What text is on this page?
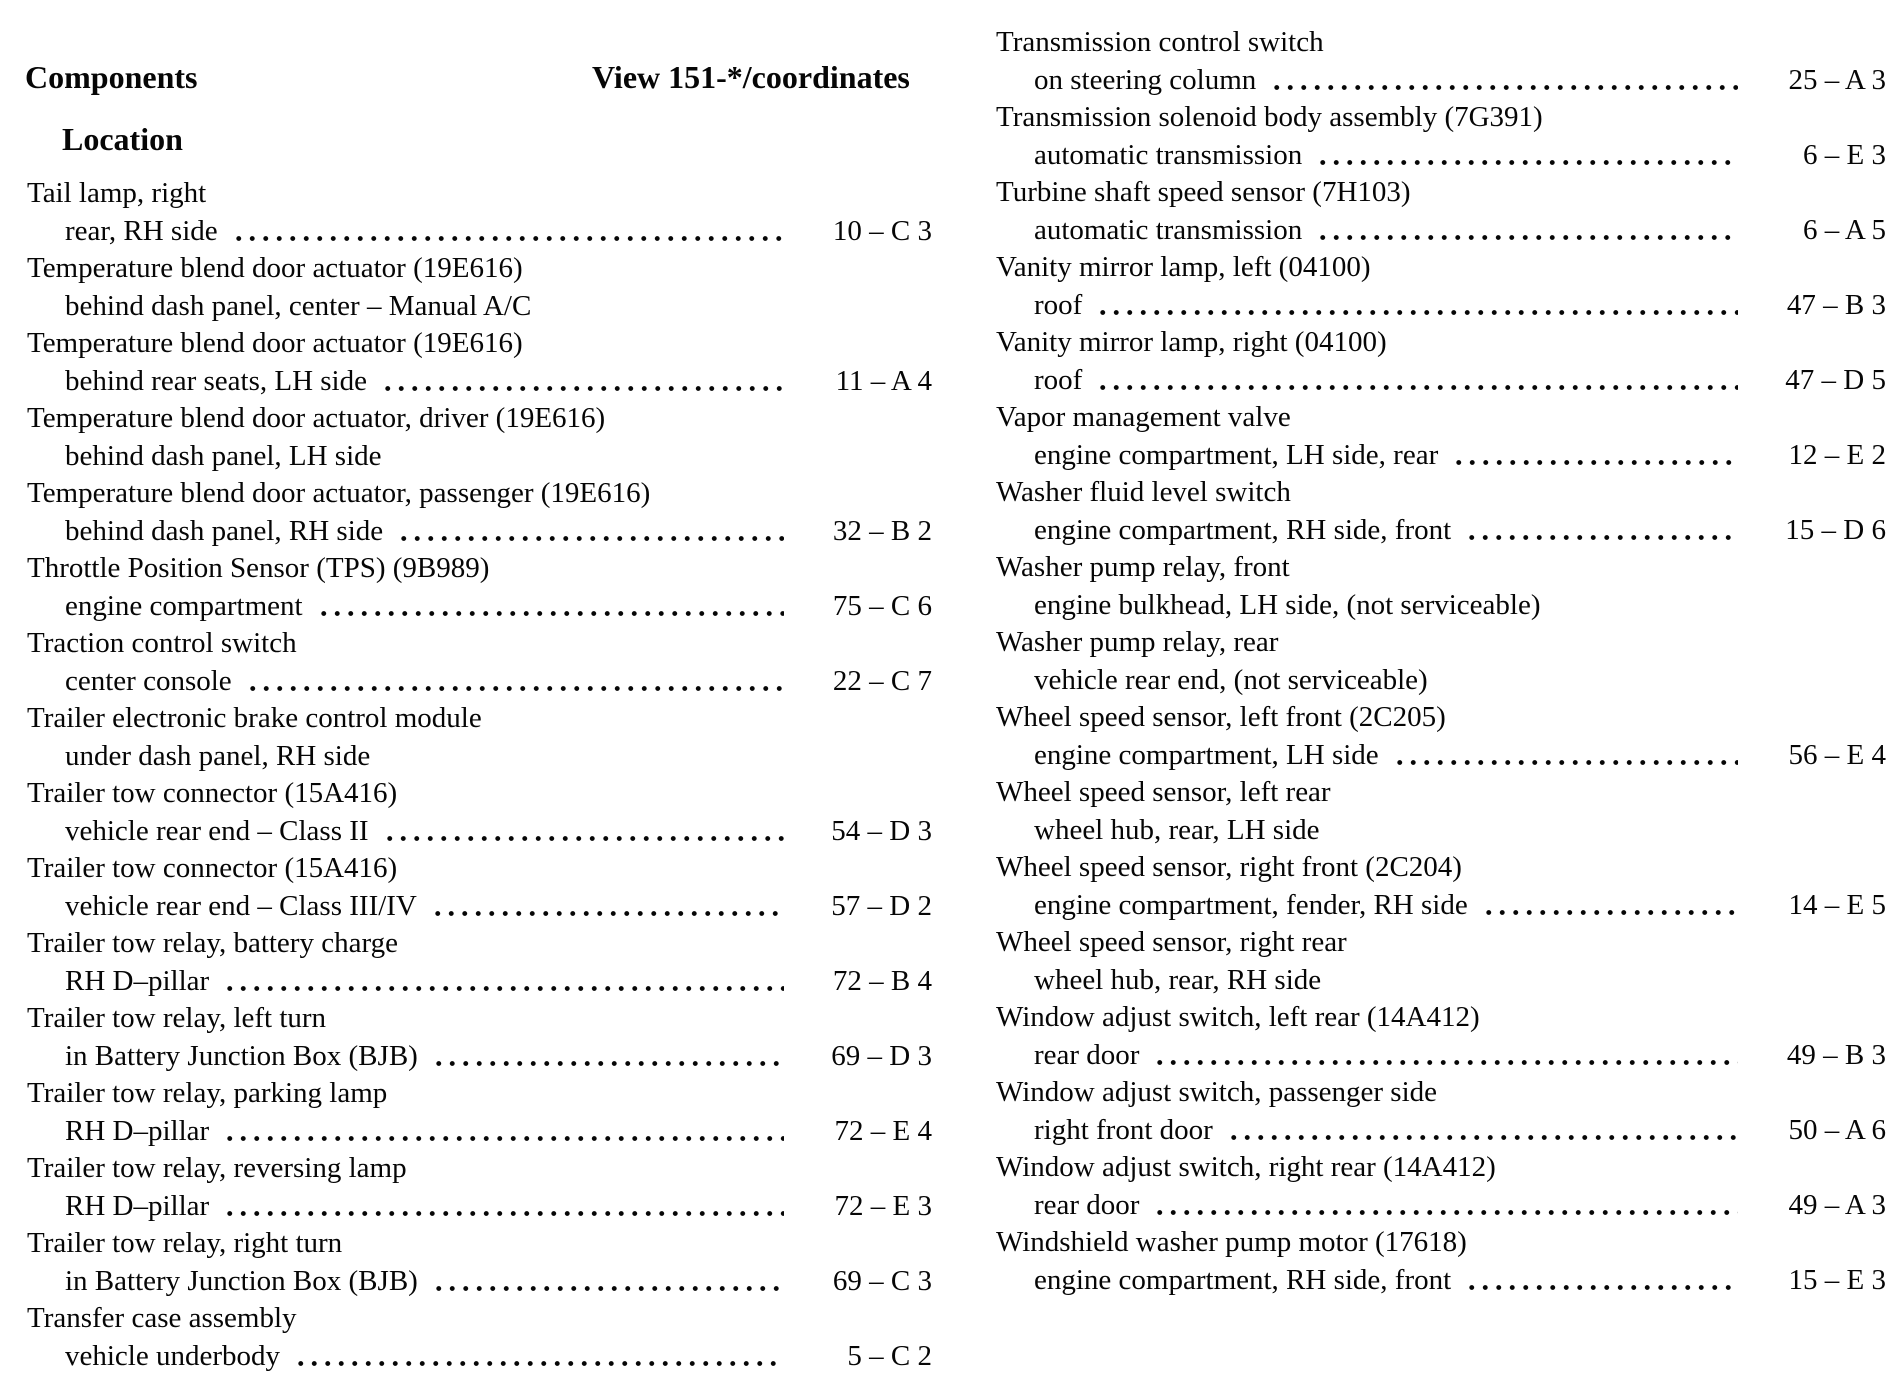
Components
Location
View 151-*/coordinates
Tail lamp, right
rear, RH side	10 – C 3
Temperature blend door actuator (19E616)
behind dash panel, center – Manual A/C
Temperature blend door actuator (19E616)
behind rear seats, LH side	11 – A 4
Temperature blend door actuator, driver (19E616)
behind dash panel, LH side
Temperature blend door actuator, passenger (19E616)
behind dash panel, RH side	32 – B 2
Throttle Position Sensor (TPS) (9B989)
engine compartment	75 – C 6
Traction control switch
center console	22 – C 7
Trailer electronic brake control module
under dash panel, RH side
Trailer tow connector (15A416)
vehicle rear end – Class II	54 – D 3
Trailer tow connector (15A416)
vehicle rear end – Class III/IV	57 – D 2
Trailer tow relay, battery charge
RH D–pillar	72 – B 4
Trailer tow relay, left turn
in Battery Junction Box (BJB)	69 – D 3
Trailer tow relay, parking lamp
RH D–pillar	72 – E 4
Trailer tow relay, reversing lamp
RH D–pillar	72 – E 3
Trailer tow relay, right turn
in Battery Junction Box (BJB)	69 – C 3
Transfer case assembly
vehicle underbody	5 – C 2
Transmission control switch
on steering column	25 – A 3
Transmission solenoid body assembly (7G391)
automatic transmission	6 – E 3
Turbine shaft speed sensor (7H103)
automatic transmission	6 – A 5
Vanity mirror lamp, left (04100)
roof	47 – B 3
Vanity mirror lamp, right (04100)
roof	47 – D 5
Vapor management valve
engine compartment, LH side, rear	12 – E 2
Washer fluid level switch
engine compartment, RH side, front	15 – D 6
Washer pump relay, front
engine bulkhead, LH side, (not serviceable)
Washer pump relay, rear
vehicle rear end, (not serviceable)
Wheel speed sensor, left front (2C205)
engine compartment, LH side	56 – E 4
Wheel speed sensor, left rear
wheel hub, rear, LH side
Wheel speed sensor, right front (2C204)
engine compartment, fender, RH side	14 – E 5
Wheel speed sensor, right rear
wheel hub, rear, RH side
Window adjust switch, left rear (14A412)
rear door	49 – B 3
Window adjust switch, passenger side
right front door	50 – A 6
Window adjust switch, right rear (14A412)
rear door	49 – A 3
Windshield washer pump motor (17618)
engine compartment, RH side, front	15 – E 3
